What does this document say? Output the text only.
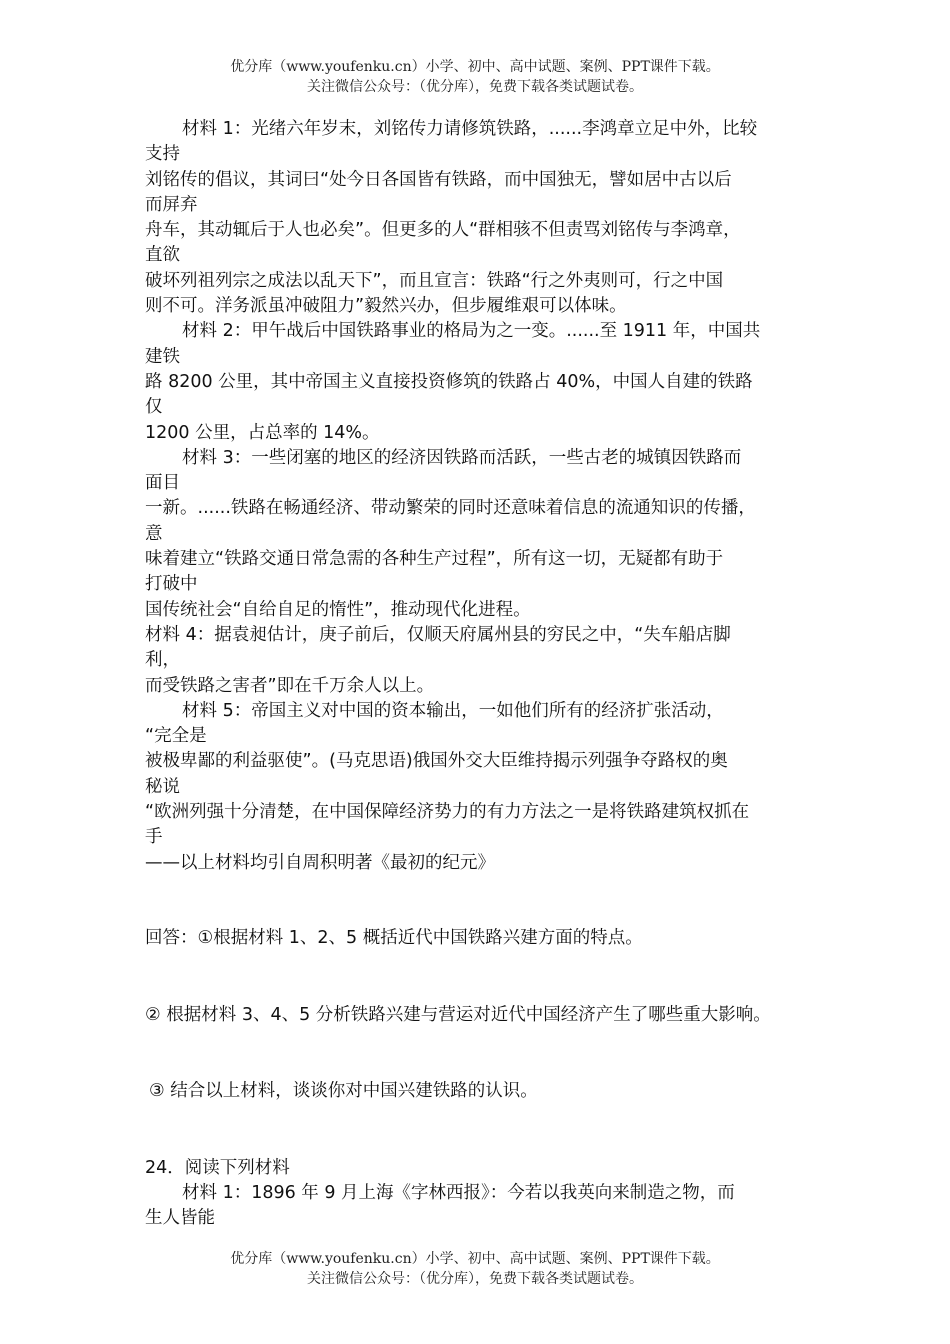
优分库（www.youfenku.cn）小学、初中、高中试题、案例、PPT课件下载。
关注微信公众号：（优分库），免费下载各类试题试卷。
材料 1：光绪六年岁末，刘铭传力请修筑铁路，......李鸿章立足中外，比较
支持
刘铭传的倡议，其词曰“处今日各国皆有铁路，而中国独无，譬如居中古以后
而屏弃
舟车，其动辄后于人也必矣”。但更多的人“群相骇不但责骂刘铭传与李鸿章，
直欲
破坏列祖列宗之成法以乱天下”，而且宣言：铁路“行之外夷则可，行之中国
则不可。洋务派虽冲破阻力”毅然兴办，但步履维艰可以体味。
材料 2：甲午战后中国铁路事业的格局为之一变。......至 1911 年，中国共
建铁
路 8200 公里，其中帝国主义直接投资修筑的铁路占 40%，中国人自建的铁路
仅
1200 公里，占总率的 14%。
材料 3：一些闭塞的地区的经济因铁路而活跃，一些古老的城镇因铁路而
面目
一新。......铁路在畅通经济、带动繁荣的同时还意味着信息的流通知识的传播，
意
味着建立“铁路交通日常急需的各种生产过程”，所有这一切，无疑都有助于
打破中
国传统社会“自给自足的惰性”，推动现代化进程。
材料 4：据袁昶估计，庚子前后，仅顺天府属州县的穷民之中，“失车船店脚
利，
而受铁路之害者”即在千万余人以上。
材料 5：帝国主义对中国的资本输出，一如他们所有的经济扩张活动，
“完全是
被极卑鄙的利益驱使”。(马克思语)俄国外交大臣维持揭示列强争夺路权的奥
秘说
“欧洲列强十分清楚，在中国保障经济势力的有力方法之一是将铁路建筑权抓在
手
——以上材料均引自周积明著《最初的纪元》
回答：①根据材料 1、2、5 概括近代中国铁路兴建方面的特点。
② 根据材料 3、4、5 分析铁路兴建与营运对近代中国经济产生了哪些重大影响。
③ 结合以上材料，谈谈你对中国兴建铁路的认识。
24．阅读下列材料
材料 1：1896 年 9 月上海《字林西报》：今若以我英向来制造之物，而
生人皆能
优分库（www.youfenku.cn）小学、初中、高中试题、案例、PPT课件下载。
关注微信公众号：（优分库），免费下载各类试题试卷。
